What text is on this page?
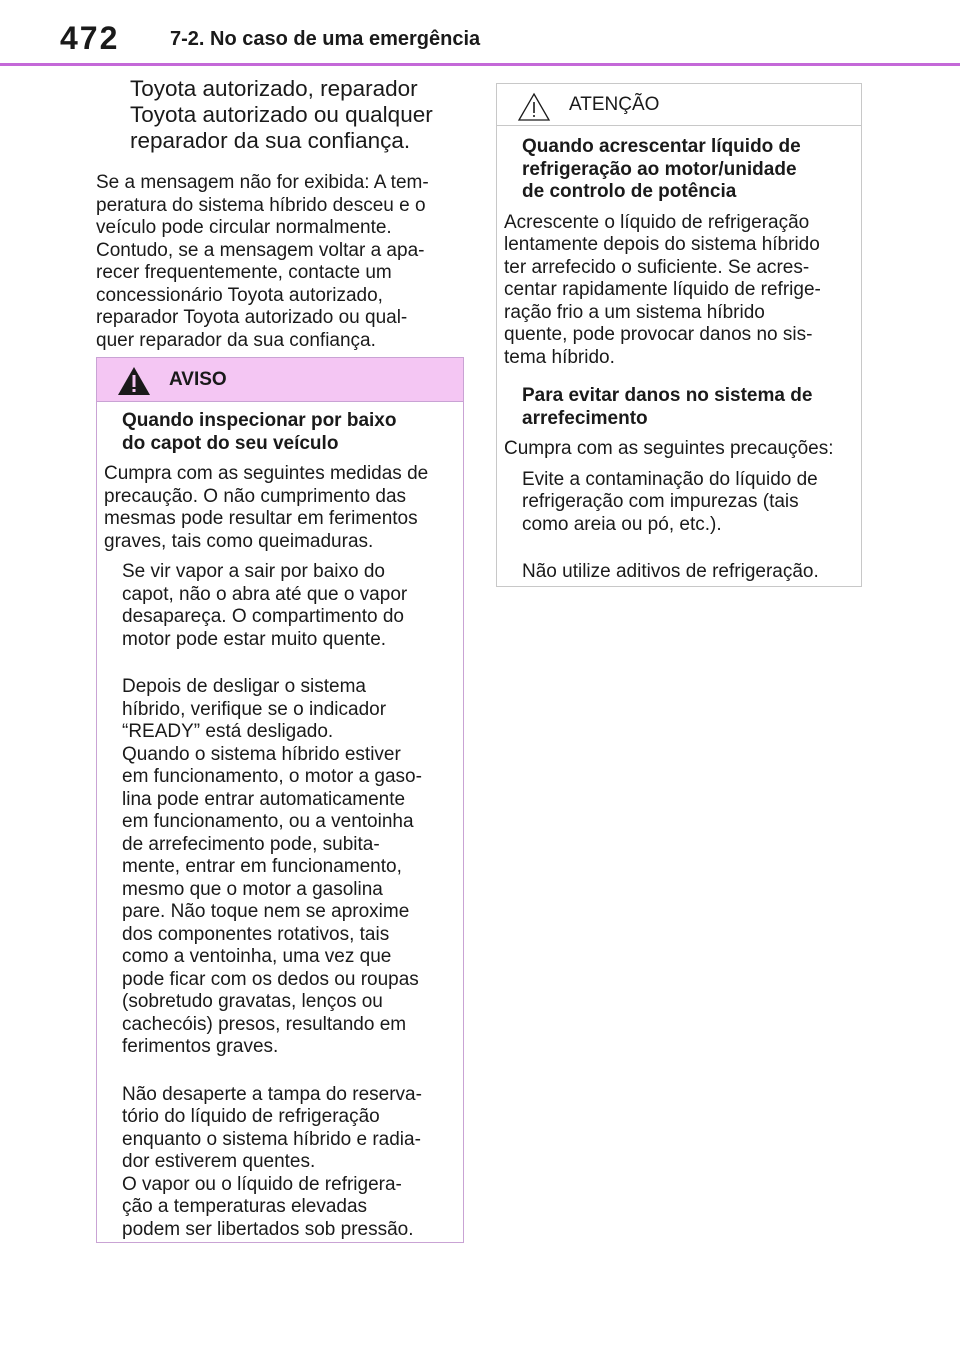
472	7-2. No caso de uma emergência
Toyota autorizado, reparador
Toyota autorizado ou qualquer
reparador da sua confiança.
Se a mensagem não for exibida: A tem-
peratura do sistema híbrido desceu e o
veículo pode circular normalmente.
Contudo, se a mensagem voltar a apa-
recer frequentemente, contacte um
concessionário Toyota autorizado,
reparador Toyota autorizado ou qual-
quer reparador da sua confiança.
AVISO
Quando inspecionar por baixo
do capot do seu veículo
Cumpra com as seguintes medidas de
precaução. O não cumprimento das
mesmas pode resultar em ferimentos
graves, tais como queimaduras.
Se vir vapor a sair por baixo do
capot, não o abra até que o vapor
desapareça. O compartimento do
motor pode estar muito quente.
Depois de desligar o sistema
híbrido, verifique se o indicador
“READY” está desligado.
Quando o sistema híbrido estiver
em funcionamento, o motor a gaso-
lina pode entrar automaticamente
em funcionamento, ou a ventoinha
de arrefecimento pode, subita-
mente, entrar em funcionamento,
mesmo que o motor a gasolina
pare. Não toque nem se aproxime
dos componentes rotativos, tais
como a ventoinha, uma vez que
pode ficar com os dedos ou roupas
(sobretudo gravatas, lenços ou
cachecóis) presos, resultando em
ferimentos graves.
Não desaperte a tampa do reserva-
tório do líquido de refrigeração
enquanto o sistema híbrido e radia-
dor estiverem quentes.
O vapor ou o líquido de refrigera-
ção a temperaturas elevadas
podem ser libertados sob pressão.
ATENÇÃO
Quando acrescentar líquido de
refrigeração ao motor/unidade
de controlo de potência
Acrescente o líquido de refrigeração
lentamente depois do sistema híbrido
ter arrefecido o suficiente. Se acres-
centar rapidamente líquido de refrige-
ração frio a um sistema híbrido
quente, pode provocar danos no sis-
tema híbrido.
Para evitar danos no sistema de
arrefecimento
Cumpra com as seguintes precauções:
Evite a contaminação do líquido de
refrigeração com impurezas (tais
como areia ou pó, etc.).
Não utilize aditivos de refrigeração.
